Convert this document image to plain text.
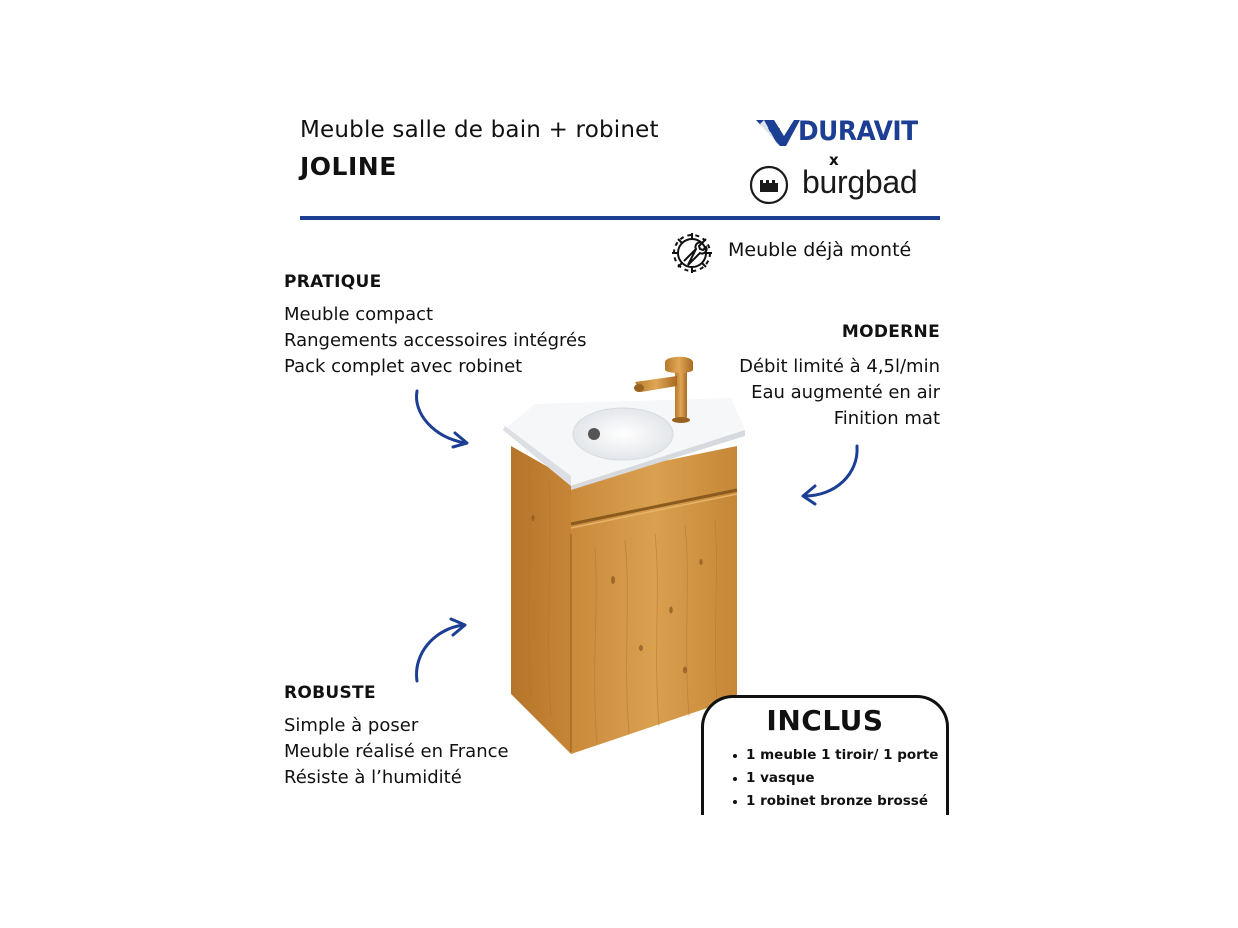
Meuble salle de bain + robinet
JOLINE
DURAVIT
x
burgbad
Meuble déjà monté
PRATIQUE
Meuble compact
Rangements accessoires intégrés
Pack complet avec robinet
MODERNE
Débit limité à 4,5l/min
Eau augmenté en air
Finition mat
ROBUSTE
Simple à poser
Meuble réalisé en France
Résiste à l’humidité
INCLUS
1 meuble 1 tiroir/ 1 porte
1 vasque
1 robinet bronze brossé
